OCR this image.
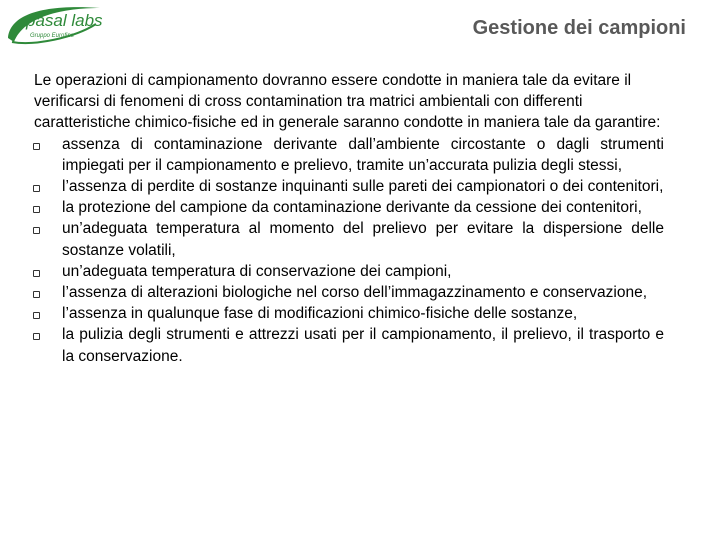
pasal labs
Gruppo Eurofins	Gestione dei campioni

Le operazioni di campionamento dovranno essere condotte in maniera tale da evitare il verificarsi di fenomeni di cross contamination tra matrici ambientali con differenti caratteristiche chimico-fisiche ed in generale saranno condotte in maniera tale da garantire:

assenza di contaminazione derivante dall’ambiente circostante o dagli strumenti impiegati per il campionamento e prelievo, tramite un’accurata pulizia degli stessi,
l’assenza di perdite di sostanze inquinanti sulle pareti dei campionatori o dei contenitori,
la protezione del campione da contaminazione derivante da cessione dei contenitori,
un’adeguata temperatura al momento del prelievo per evitare la dispersione delle sostanze volatili,
un’adeguata temperatura di conservazione dei campioni,
l’assenza di alterazioni biologiche nel corso dell’immagazzinamento e conservazione,
l’assenza in qualunque fase di modificazioni chimico-fisiche delle sostanze,
la pulizia degli strumenti e attrezzi usati per il campionamento, il prelievo, il trasporto e la conservazione.
